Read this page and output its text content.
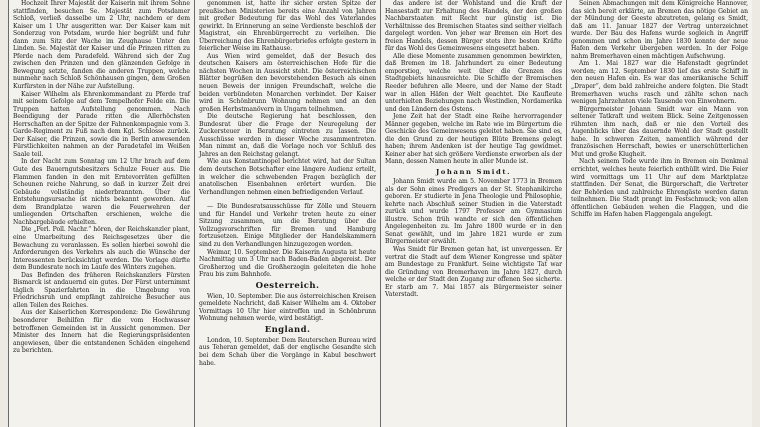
Hochzeit Ihrer Majestät der Kaiserin mit ihrem Sohne stattfinden, besuchen Se. Majestät zum Potsdamer Schloß, verließ dasselbe um 2 Uhr, nachdem er dem Kaiser um 1 Uhr ausgeritten war. Der Kaiser kam mit Sonderzug von Potsdam, wurde hier begrüßt und fuhr dann zum Sitz der Wache im Zeughause Unter den Linden. Se. Majestät der Kaiser und die Prinzen ritten zu Pferde nach dem Paradefeld. Während sich der Zug zwischen den Prinzen und den glänzenden Gefolge in Bewegung setzte, fanden die anderen Truppen, welche nunmehr nach Schloß Schönhausen gingen, dem Großen Kurfürsten in der Nähe zur Aufstellung.

Kaiser Wilhelm als Ehrenkommandant zu Pferde traf mit seinem Gefolge auf dem Tempelhofer Felde ein. Die Truppen hatten Aufstellung genommen. Nach Beendigung der Parade ritten die Allerhöchsten Herrschaften an der Spitze der Fahnenkompagnie vom 3. Garde-Regiment zu Fuß nach dem Kgl. Schlosse zurück. Der Kaiser, die Prinzen, sowie die in Berlin anwesenden Fürstlichkeiten nahmen an der Paradetafel im Weißen Saale teil.

In der Nacht zum Sonntag um 12 Uhr brach auf dem Gute des Bauerngutsbesitzers Schulze Feuer aus. Die Flammen fanden in den mit Erntevorräten gefüllten Scheunen reiche Nahrung, so daß in kurzer Zeit drei Gebäude vollständig niederbrannten. Über die Entstehungsursache ist nichts bekannt geworden. Auf dem Brandplatze waren die Feuerwehren der umliegenden Ortschaften erschienen, welche die Nachbargebäude erhielten.

Die „Perl. Poll. Nachr.“ hören, der Reichskanzler plant, eine Umarbeitung des Reichsgesetzes über die Bewachung zu veranlassen. Es sollen hierbei sowohl die Anforderungen des Verkehrs als auch die Wünsche der Interessenten berücksichtigt werden. Die Vorlage dürfte dem Bundesrate noch im Laufe des Winters zugehen.

Das Befinden des früheren Reichskanzlers Fürsten Bismarck ist andauernd ein gutes. Der Fürst unternimmt täglich Spazierfahrten in die Umgebung von Friedrichsruh und empfängt zahlreiche Besucher aus allen Teilen des Reiches.

Aus der Kaiserlichen Korrespondenz: Die Gewährung besonderer Beihilfen für die vom Hochwasser betroffenen Gemeinden ist in Aussicht genommen. Der Minister des Innern hat die Regierungspräsidenten angewiesen, über die entstandenen Schäden eingehend zu berichten.

genommen ist, hatte ihr sicher ersten Spitze der preußischen Ministerien bereits eine Anzahl von Jahren mit großer Bedeutung für das Wohl des Vaterlandes gewirkt. In Erinnerung an seine Verdienste beschloß der Magistrat, ein Ehrenbürgerrecht zu verleihen. Die Überreichung des Ehrenbürgerbriefes erfolgte gestern in feierlicher Weise im Rathause.

Aus Wien wird gemeldet, daß der Besuch des deutschen Kaisers am österreichischen Hofe für die nächsten Wochen in Aussicht steht. Die österreichischen Blätter begrüßen den bevorstehenden Besuch als einen neuen Beweis der innigen Freundschaft, welche die beiden verbündeten Monarchen verbindet. Der Kaiser wird in Schönbrunn Wohnung nehmen und an den großen Herbstmanövern in Ungarn teilnehmen.

Die deutsche Regierung hat beschlossen, den Bundesrat über die Frage der Neuregelung der Zuckersteuer in Beratung eintreten zu lassen. Die Ausschüsse werden in dieser Woche zusammentreten. Man nimmt an, daß die Vorlage noch vor Schluß des Jahres an den Reichstag gelangt.

Wie aus Konstantinopel berichtet wird, hat der Sultan dem deutschen Botschafter eine längere Audienz erteilt, in welcher die schwebenden Fragen bezüglich der anatolischen Eisenbahnen erörtert wurden. Die Verhandlungen nehmen einen befriedigenden Verlauf.

— Die Bundesratsausschüsse für Zölle und Steuern und für Handel und Verkehr treten heute zu einer Sitzung zusammen, um die Beratung über die Vollzugsvorschriften für Bremen und Hamburg fortzusetzen. Einige Mitglieder der Handelskammern sind zu den Verhandlungen hinzugezogen worden.

Weimar, 10. September. Die Kaiserin Augusta ist heute Nachmittag um 3 Uhr nach Baden-Baden abgereist. Der Großherzog und die Großherzogin geleiteten die hohe Frau bis zum Bahnhofe.

Oesterreich.

Wien, 10. September. Die aus österreichischen Kreisen gemeldete Nachricht, daß Kaiser Wilhelm am 4. Oktober Vormittags 10 Uhr hier eintreffen und in Schönbrunn Wohnung nehmen werde, wird bestätigt.

England.

London, 10. September. Dem Reuterschen Bureau wird aus Teheran gemeldet, daß der englische Gesandte sich bei dem Schah über die Vorgänge in Kabul beschwert habe.

das andere ist der Wohlstand und die Kraft der Hansestadt zur Erhaltung des Handels, der den großen Nachbarstaaten mit Recht nur günstig ist. Die Verhältnisse des Bremischen Staates sind seither vielfach dargelegt worden. Von jeher war Bremen ein Hort des freien Handels, dessen Bürger stets ihre besten Kräfte für das Wohl des Gemeinwesens eingesetzt haben.

Alle diese Momente zusammen genommen bewirkten, daß Bremen im 18. Jahrhundert zu einer Bedeutung emporstieg, welche weit über die Grenzen des Stadtgebiets hinausreichte. Die Schiffe der Bremischen Reeder befuhren alle Meere, und der Name der Stadt war in allen Häfen der Welt geachtet. Die Kaufleute unterhielten Beziehungen nach Westindien, Nordamerika und den Ländern des Ostens.

Jene Zeit hat der Stadt eine Reihe hervorragender Männer gegeben, welche im Rate wie im Bürgertum die Geschicke des Gemeinwesens geleitet haben. Sie sind es, die den Grund zu der heutigen Blüte Bremens gelegt haben; ihrem Andenken ist der heutige Tag gewidmet. Keiner aber hat sich größere Verdienste erworben als der Mann, dessen Namen heute in aller Munde ist.

Johann Smidt.

Johann Smidt wurde am 5. November 1773 in Bremen als der Sohn eines Predigers an der St. Stephanikirche geboren. Er studierte in Jena Theologie und Philosophie, kehrte nach Abschluß seiner Studien in die Vaterstadt zurück und wurde 1797 Professor am Gymnasium illustre. Schon früh wandte er sich den öffentlichen Angelegenheiten zu. Im Jahre 1800 wurde er in den Senat gewählt, und im Jahre 1821 wurde er zum Bürgermeister erwählt.

Was Smidt für Bremen getan hat, ist unvergessen. Er vertrat die Stadt auf dem Wiener Kongresse und später am Bundestage zu Frankfurt. Seine wichtigste Tat war die Gründung von Bremerhaven im Jahre 1827, durch welche er der Stadt den Zugang zur offenen See sicherte. Er starb am 7. Mai 1857 als Bürgermeister seiner Vaterstadt.

Seinen Abmachungen mit dem Königreiche Hannover, das sich bereit erklärte, an Bremen das nötige Gebiet an der Mündung der Geeste abzutreten, gelang es Smidt, daß am 11. Januar 1827 der Vertrag unterzeichnet wurde. Der Bau des Hafens wurde sogleich in Angriff genommen und schon im Jahre 1830 konnte der neue Hafen dem Verkehr übergeben werden. In der Folge nahm Bremerhaven einen mächtigen Aufschwung.

Am 1. Mai 1827 war die Hafenstadt gegründet worden; am 12. September 1830 lief das erste Schiff in den neuen Hafen ein. Es war das amerikanische Schiff „Draper“, dem bald zahlreiche andere folgten. Die Stadt Bremerhaven wuchs rasch und zählte schon nach wenigen Jahrzehnten viele Tausende von Einwohnern.

Bürgermeister Johann Smidt war ein Mann von seltener Tatkraft und weitem Blick. Seine Zeitgenossen rühmten ihm nach, daß er nie den Vorteil des Augenblicks über das dauernde Wohl der Stadt gestellt habe. In schweren Zeiten, namentlich während der französischen Herrschaft, bewies er unerschütterlichen Mut und große Klugheit.

Nach seinem Tode wurde ihm in Bremen ein Denkmal errichtet, welches heute feierlich enthüllt wird. Die Feier wird vormittags um 11 Uhr auf dem Marktplatze stattfinden. Der Senat, die Bürgerschaft, die Vertreter der Behörden und zahlreiche Ehrengäste werden daran teilnehmen. Die Stadt prangt im Festschmuck; von allen öffentlichen Gebäuden wehen die Flaggen, und die Schiffe im Hafen haben Flaggengala angelegt.
